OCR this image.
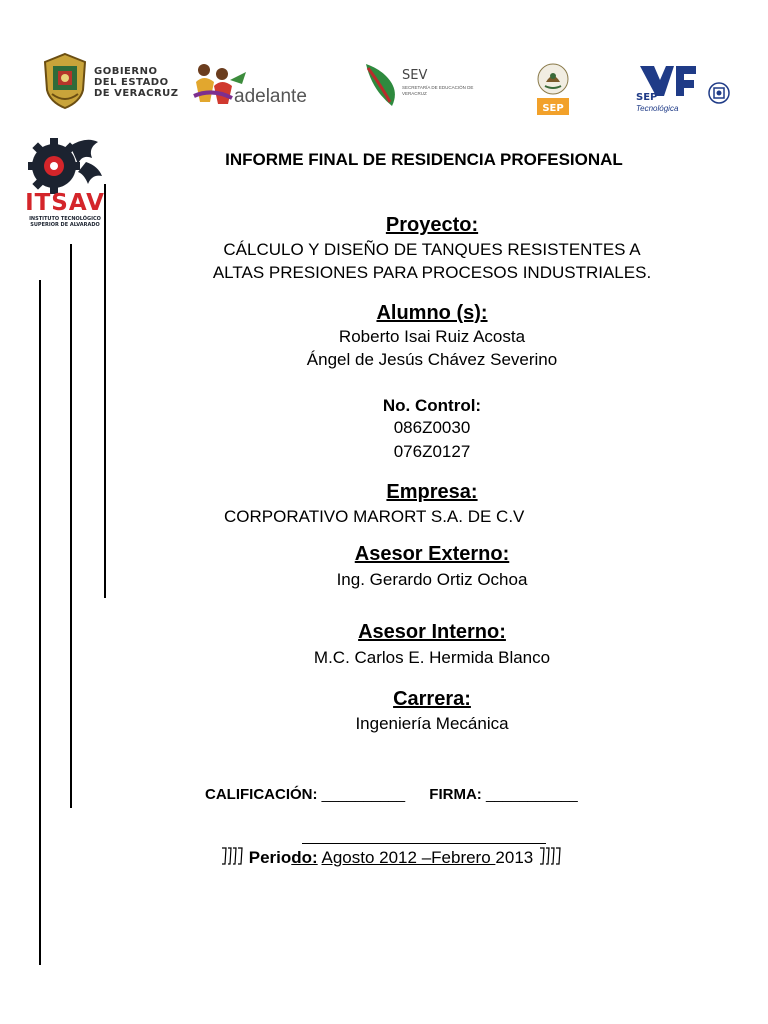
GOBIERNO
DEL ESTADO
DE VERACRUZ	adelante
SEV
SECRETARÍA DE EDUCACIÓN DE VERACRUZ
SEP
SEP
Tecnológica
ITSAV
INSTITUTO TECNOLÓGICO
SUPERIOR DE ALVARADO
INFORME FINAL DE RESIDENCIA PROFESIONAL
Proyecto:
CÁLCULO Y DISEÑO DE TANQUES RESISTENTES A
ALTAS PRESIONES PARA PROCESOS INDUSTRIALES.
Alumno (s):
Roberto Isai Ruiz Acosta
Ángel de Jesús Chávez Severino
No. Control:
086Z0030
076Z0127
Empresa:
CORPORATIVO MARORT S.A. DE C.V
Asesor Externo:
Ing. Gerardo Ortiz Ochoa
Asesor Interno:
M.C. Carlos E. Hermida Blanco
Carrera:
Ingeniería Mecánica
CALIFICACIÓN: __________ FIRMA: ___________
Periodo: Agosto 2012 –Febrero 2013
